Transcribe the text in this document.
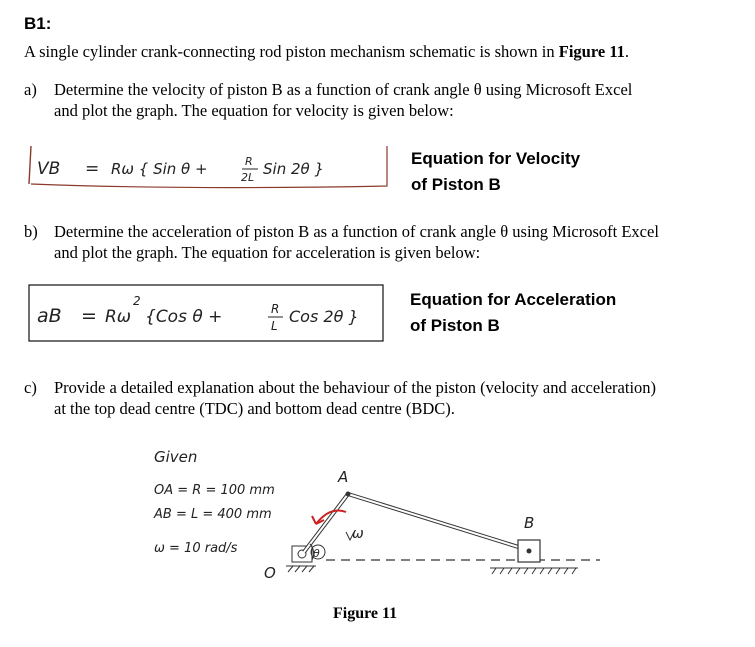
B1:
A single cylinder crank-connecting rod piston mechanism schematic is shown in Figure 11.
a) Determine the velocity of piston B as a function of crank angle θ using Microsoft Excel
and plot the graph. The equation for velocity is given below:
VB = Rω { Sin θ +	R
2L Sin 2θ }
Equation for Velocity
of Piston B
b) Determine the acceleration of piston B as a function of crank angle θ using Microsoft Excel
and plot the graph. The equation for acceleration is given below:
aB = Rω
2
{Cos θ +	R
L Cos 2θ }
Equation for Acceleration
of Piston B
c) Provide a detailed explanation about the behaviour of the piston (velocity and acceleration)
at the top dead centre (TDC) and bottom dead centre (BDC).
Given
OA = R = 100 mm
AB = L = 400 mm
ω = 10 rad/s
O
A
θ
ω
B
Figure 11
